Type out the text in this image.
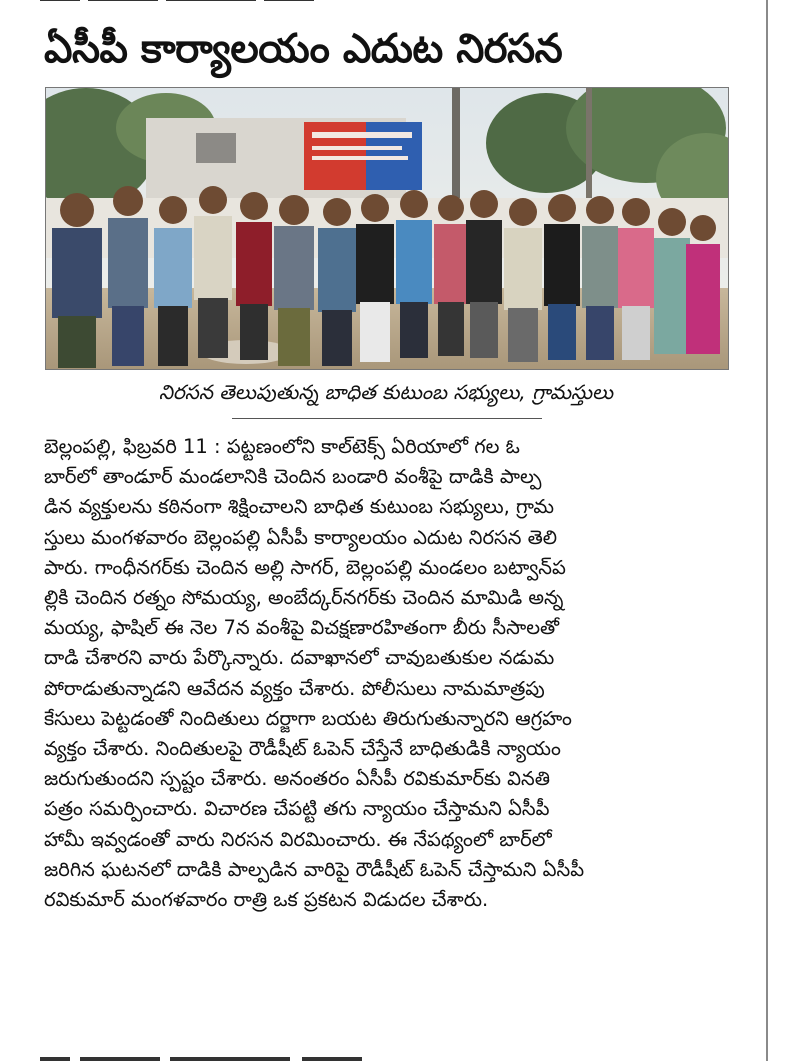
ఏసీపీ కార్యాలయం ఎదుట నిరసన
నిరసన తెలుపుతున్న బాధిత కుటుంబ సభ్యులు, గ్రామస్తులు
బెల్లంపల్లి, ఫిబ్రవరి 11 : పట్టణంలోని కాల్‌టెక్స్ ఏరియాలో గల ఓ
బార్‌లో తాండూర్ మండలానికి చెందిన బండారి వంశీపై దాడికి పాల్ప
డిన వ్యక్తులను కఠినంగా శిక్షించాలని బాధిత కుటుంబ సభ్యులు, గ్రామ
స్తులు మంగళవారం బెల్లంపల్లి ఏసీపీ కార్యాలయం ఎదుట నిరసన తెలి
పారు. గాంధీనగర్‌కు చెందిన అల్లి సాగర్, బెల్లంపల్లి మండలం బట్వాన్‌ప
ల్లికి చెందిన రత్నం సోమయ్య, అంబేద్కర్‌నగర్‌కు చెందిన మామిడి అన్న
మయ్య, ఫాషిల్ ఈ నెల 7న వంశీపై విచక్షణారహితంగా బీరు సీసాలతో
దాడి చేశారని వారు పేర్కొన్నారు. దవాఖానలో చావుబతుకుల నడుమ
పోరాడుతున్నాడని ఆవేదన వ్యక్తం చేశారు. పోలీసులు నామమాత్రపు
కేసులు పెట్టడంతో నిందితులు దర్జాగా బయట తిరుగుతున్నారని ఆగ్రహం
వ్యక్తం చేశారు. నిందితులపై రౌడీషీట్ ఓపెన్ చేస్తేనే బాధితుడికి న్యాయం
జరుగుతుందని స్పష్టం చేశారు. అనంతరం ఏసీపీ రవికుమార్‌కు వినతి
పత్రం సమర్పించారు. విచారణ చేపట్టి తగు న్యాయం చేస్తామని ఏసీపీ
హామీ ఇవ్వడంతో వారు నిరసన విరమించారు. ఈ నేపథ్యంలో బార్‌లో
జరిగిన ఘటనలో దాడికి పాల్పడిన వారిపై రౌడీషీట్ ఓపెన్ చేస్తామని ఏసీపీ
రవికుమార్ మంగళవారం రాత్రి ఒక ప్రకటన విడుదల చేశారు.
